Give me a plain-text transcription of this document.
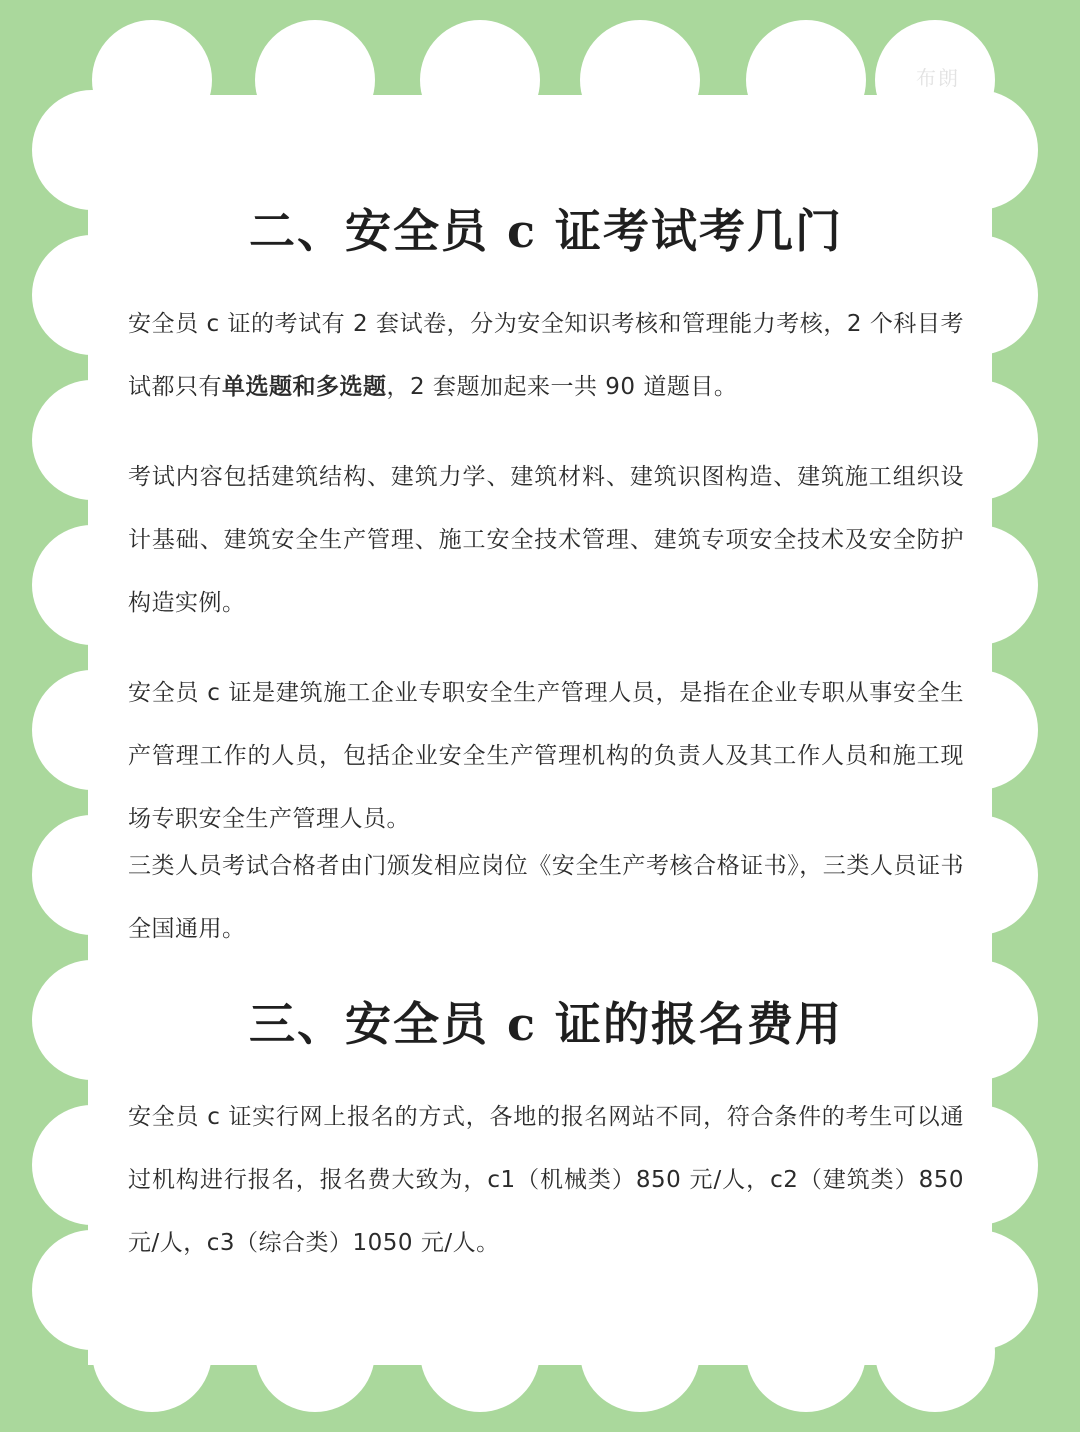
布朗
二、安全员 c 证考试考几门

安全员 c 证的考试有 2 套试卷，分为安全知识考核和管理能力考核，2 个科目考试都只有单选题和多选题，2 套题加起来一共 90 道题目。

考试内容包括建筑结构、建筑力学、建筑材料、建筑识图构造、建筑施工组织设计基础、建筑安全生产管理、施工安全技术管理、建筑专项安全技术及安全防护构造实例。

安全员 c 证是建筑施工企业专职安全生产管理人员，是指在企业专职从事安全生产管理工作的人员，包括企业安全生产管理机构的负责人及其工作人员和施工现场专职安全生产管理人员。

三类人员考试合格者由门颁发相应岗位《安全生产考核合格证书》，三类人员证书全国通用。

三、安全员 c 证的报名费用

安全员 c 证实行网上报名的方式，各地的报名网站不同，符合条件的考生可以通过机构进行报名，报名费大致为，c1（机械类）850 元/人，c2（建筑类）850 元/人，c3（综合类）1050 元/人。
